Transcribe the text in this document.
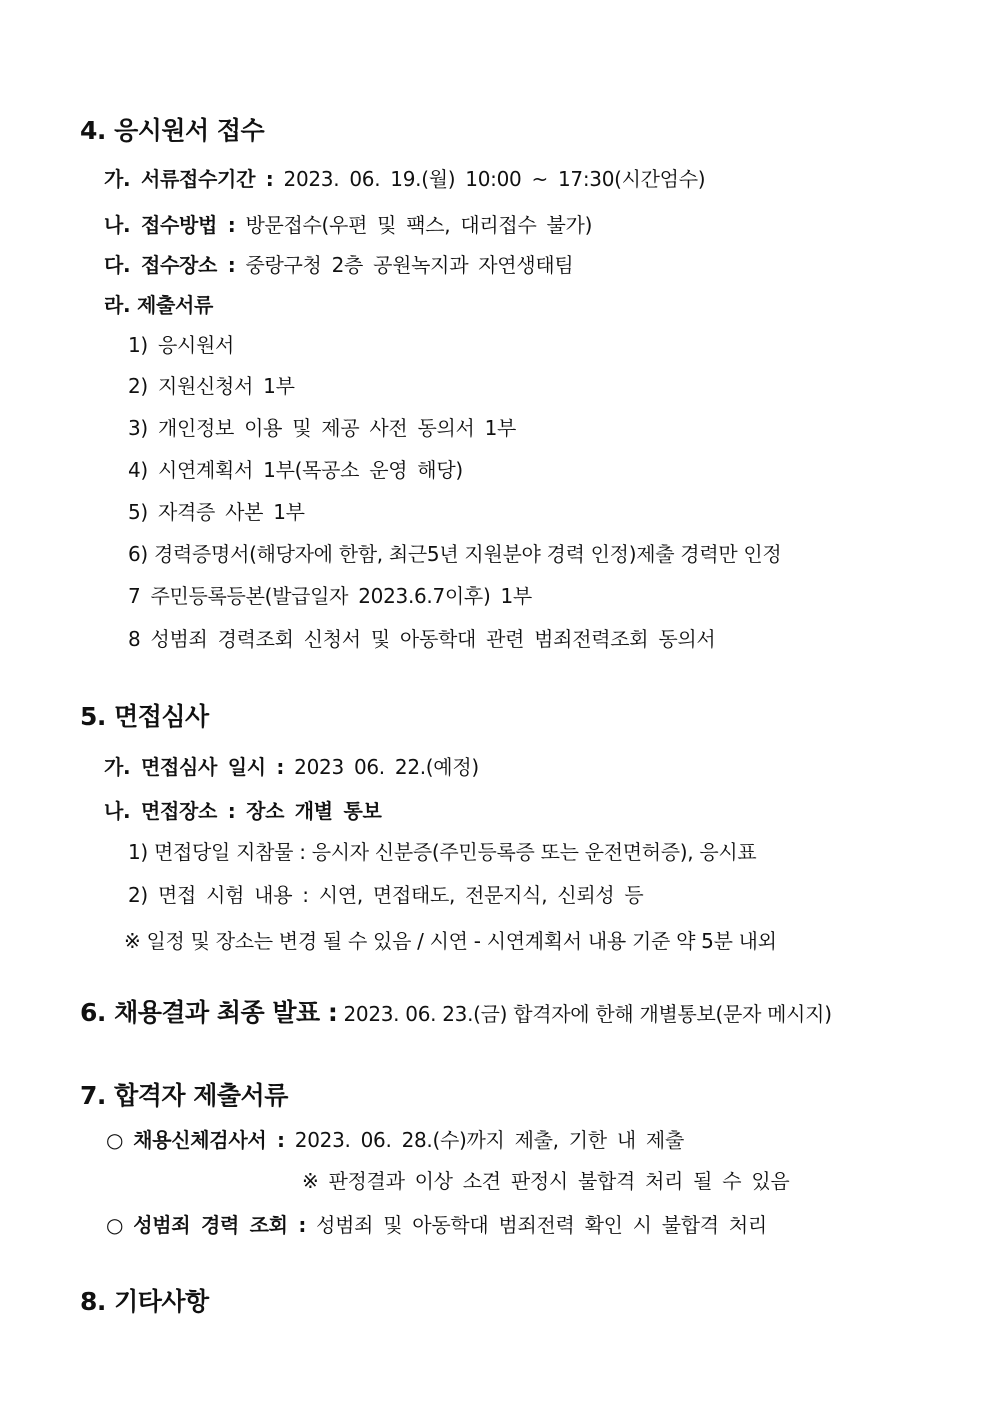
4. 응시원서 접수
가. 서류접수기간 : 2023. 06. 19.(월) 10:00 ~ 17:30(시간엄수)
나. 접수방법 : 방문접수(우편 및 팩스, 대리접수 불가)
다. 접수장소 : 중랑구청 2층 공원녹지과 자연생태팀
라. 제출서류
1) 응시원서
2) 지원신청서 1부
3) 개인정보 이용 및 제공 사전 동의서 1부
4) 시연계획서 1부(목공소 운영 해당)
5) 자격증 사본 1부
6) 경력증명서(해당자에 한함, 최근5년 지원분야 경력 인정)제출 경력만 인정
7 주민등록등본(발급일자 2023.6.7이후) 1부
8 성범죄 경력조회 신청서 및 아동학대 관련 범죄전력조회 동의서
5. 면접심사
가. 면접심사 일시 : 2023 06. 22.(예정)
나. 면접장소 : 장소 개별 통보
1) 면접당일 지참물 : 응시자 신분증(주민등록증 또는 운전면허증), 응시표
2) 면접 시험 내용 : 시연, 면접태도, 전문지식, 신뢰성 등
※ 일정 및 장소는 변경 될 수 있음 / 시연 - 시연계획서 내용 기준 약 5분 내외
6. 채용결과 최종 발표 : 2023. 06. 23.(금) 합격자에 한해 개별통보(문자 메시지)
7. 합격자 제출서류
○ 채용신체검사서 : 2023. 06. 28.(수)까지 제출, 기한 내 제출
※ 판정결과 이상 소견 판정시 불합격 처리 될 수 있음
○ 성범죄 경력 조회 : 성범죄 및 아동학대 범죄전력 확인 시 불합격 처리
8. 기타사항
